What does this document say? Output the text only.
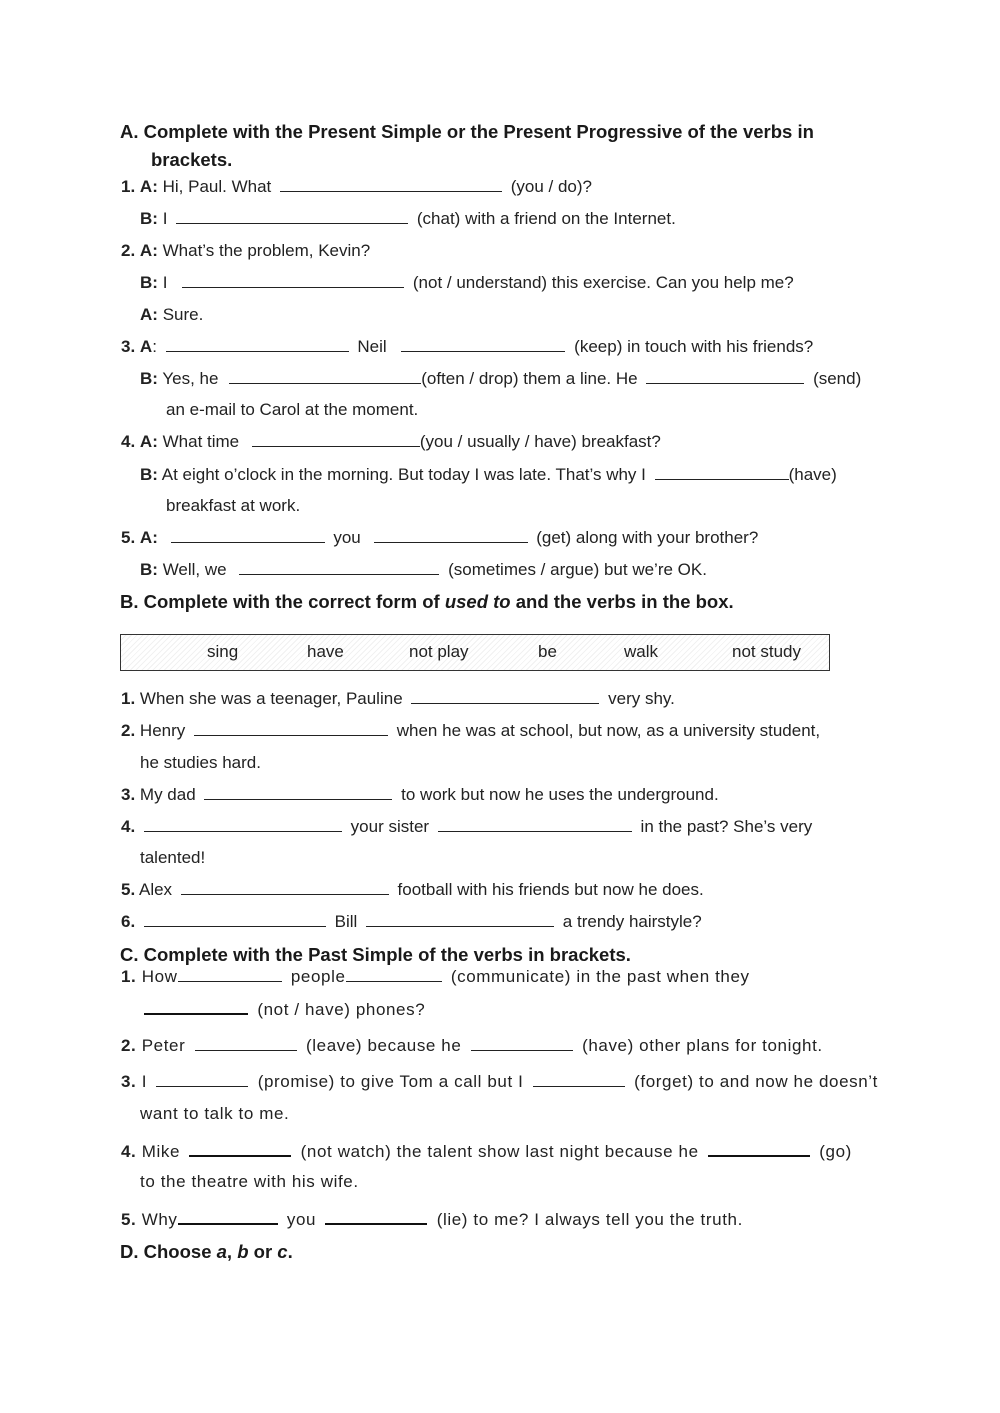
A. Complete with the Present Simple or the Present Progressive of the verbs in
brackets.
1. A: Hi, Paul. What	(you / do)?
B: I	(chat) with a friend on the Internet.
2. A: What’s the problem, Kevin?
B: I	(not / understand) this exercise. Can you help me?
A: Sure.
3. A:	Neil	(keep) in touch with his friends?
B: Yes, he	(often / drop) them a line. He	(send)
an e-mail to Carol at the moment.
4. A: What time	(you / usually / have) breakfast?
B: At eight o’clock in the morning. But today I was late. That’s why I	(have)
breakfast at work.
5. A:	you	(get) along with your brother?
B: Well, we	(sometimes / argue) but we’re OK.
B. Complete with the correct form of used to and the verbs in the box.
sing	have	not play	be	walk	not study
1. When she was a teenager, Pauline	very shy.
2. Henry	when he was at school, but now, as a university student,
he studies hard.
3. My dad	to work but now he uses the underground.
4.	your sister	in the past? She’s very
talented!
5. Alex	football with his friends but now he does.
6.	Bill	a trendy hairstyle?
C. Complete with the Past Simple of the verbs in brackets.
1. How	people	(communicate) in the past when they
(not / have) phones?
2. Peter	(leave) because he	(have) other plans for tonight.
3. I	(promise) to give Tom a call but I	(forget) to and now he doesn’t
want to talk to me.
4. Mike	(not watch) the talent show last night because he	(go)
to the theatre with his wife.
5. Why	you	(lie) to me? I always tell you the truth.
D. Choose a, b or c.
